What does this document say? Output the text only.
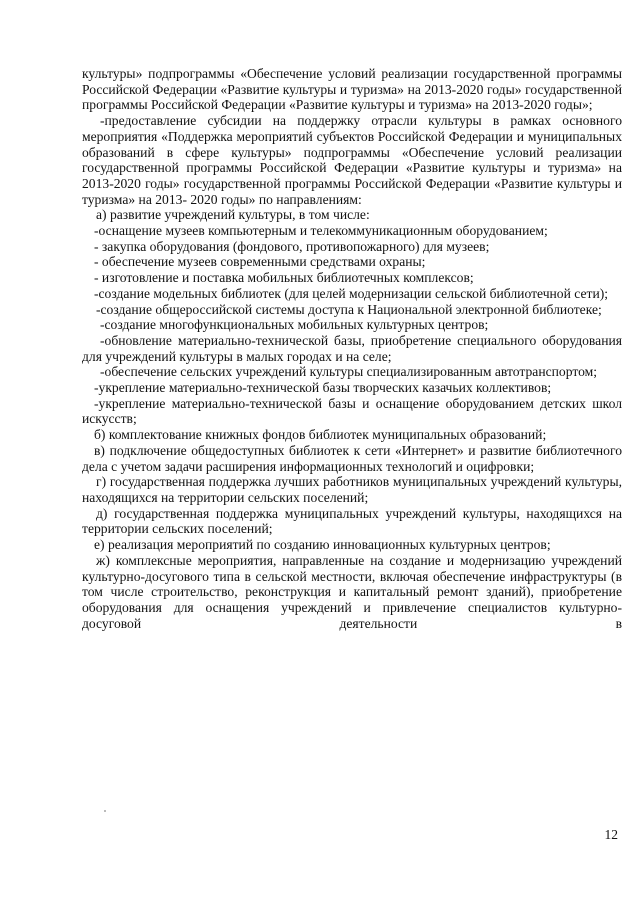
культуры» подпрограммы «Обеспечение условий реализации государственной программы Российской Федерации «Развитие культуры и туризма» на 2013-2020 годы» государственной программы Российской Федерации «Развитие культуры и туризма» на 2013-2020 годы»;

-предоставление субсидии на поддержку отрасли культуры в рамках основного мероприятия «Поддержка мероприятий субъектов Российской Федерации и муниципальных образований в сфере культуры» подпрограммы «Обеспечение условий реализации государственной программы Российской Федерации «Развитие культуры и туризма» на 2013-2020 годы» государственной программы Российской Федерации «Развитие культуры и туризма» на 2013- 2020 годы» по направлениям:

а) развитие учреждений культуры, в том числе:

-оснащение музеев компьютерным и телекоммуникационным оборудованием;

- закупка оборудования (фондового, противопожарного) для музеев;

- обеспечение музеев современными средствами охраны;

- изготовление и поставка мобильных библиотечных комплексов;

-создание модельных библиотек (для целей модернизации сельской библиотечной сети);

-создание общероссийской системы доступа к Национальной электронной библиотеке;

-создание многофункциональных мобильных культурных центров;

-обновление материально-технической базы, приобретение специального оборудования для учреждений культуры в малых городах и на селе;

-обеспечение сельских учреждений культуры специализированным автотранспортом;

-укрепление материально-технической базы творческих казачьих коллективов;

-укрепление материально-технической базы и оснащение оборудованием детских школ искусств;

б) комплектование книжных фондов библиотек муниципальных образований;

в) подключение общедоступных библиотек к сети «Интернет» и развитие библиотечного дела с учетом задачи расширения информационных технологий и оцифровки;

г) государственная поддержка лучших работников муниципальных учреждений культуры, находящихся на территории сельских поселений;

д) государственная поддержка муниципальных учреждений культуры, находящихся на территории сельских поселений;

е) реализация мероприятий по созданию инновационных культурных центров;

ж) комплексные мероприятия, направленные на создание и модернизацию учреждений культурно-досугового типа в сельской местности, включая обеспечение инфраструктуры (в том числе строительство, реконструкция и капитальный ремонт зданий), приобретение оборудования для оснащения учреждений и привлечение специалистов культурно-досуговой деятельности в

12
